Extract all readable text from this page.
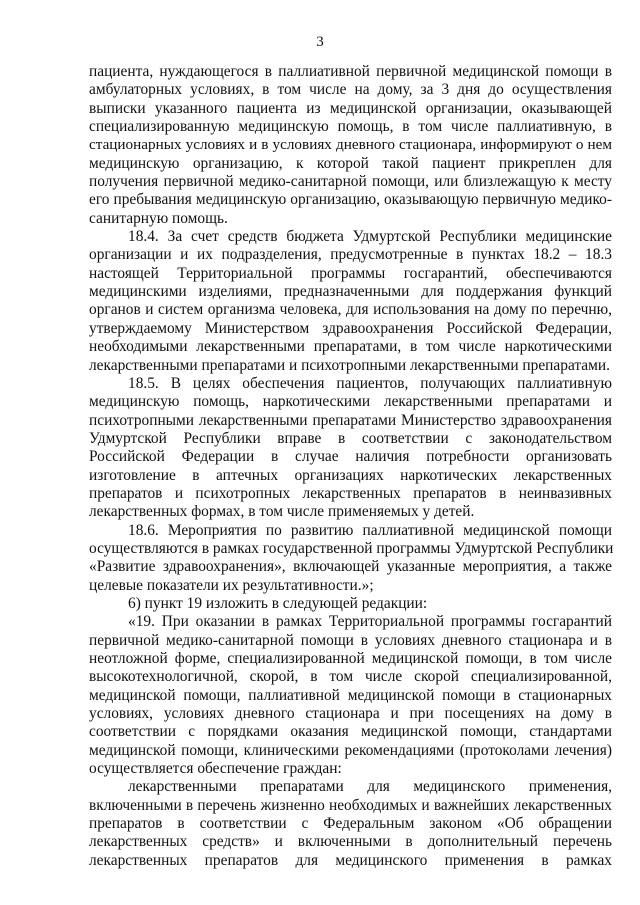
3
пациента, нуждающегося в паллиативной первичной медицинской помощи в
амбулаторных условиях, в том числе на дому, за 3 дня до осуществления
выписки указанного пациента из медицинской организации, оказывающей
специализированную медицинскую помощь, в том числе паллиативную, в
стационарных условиях и в условиях дневного стационара, информируют о нем
медицинскую организацию, к которой такой пациент прикреплен для
получения первичной медико-санитарной помощи, или близлежащую к месту
его пребывания медицинскую организацию, оказывающую первичную медико-
санитарную помощь.
18.4. За счет средств бюджета Удмуртской Республики медицинские
организации и их подразделения, предусмотренные в пунктах 18.2 – 18.3
настоящей Территориальной программы госгарантий, обеспечиваются
медицинскими изделиями, предназначенными для поддержания функций
органов и систем организма человека, для использования на дому по перечню,
утверждаемому Министерством здравоохранения Российской Федерации,
необходимыми лекарственными препаратами, в том числе наркотическими
лекарственными препаратами и психотропными лекарственными препаратами.
18.5. В целях обеспечения пациентов, получающих паллиативную
медицинскую помощь, наркотическими лекарственными препаратами и
психотропными лекарственными препаратами Министерство здравоохранения
Удмуртской Республики вправе в соответствии с законодательством
Российской Федерации в случае наличия потребности организовать
изготовление в аптечных организациях наркотических лекарственных
препаратов и психотропных лекарственных препаратов в неинвазивных
лекарственных формах, в том числе применяемых у детей.
18.6. Мероприятия по развитию паллиативной медицинской помощи
осуществляются в рамках государственной программы Удмуртской Республики
«Развитие здравоохранения», включающей указанные мероприятия, а также
целевые показатели их результативности.»;
6) пункт 19 изложить в следующей редакции:
«19. При оказании в рамках Территориальной программы госгарантий
первичной медико-санитарной помощи в условиях дневного стационара и в
неотложной форме, специализированной медицинской помощи, в том числе
высокотехнологичной, скорой, в том числе скорой специализированной,
медицинской помощи, паллиативной медицинской помощи в стационарных
условиях, условиях дневного стационара и при посещениях на дому в
соответствии с порядками оказания медицинской помощи, стандартами
медицинской помощи, клиническими рекомендациями (протоколами лечения)
осуществляется обеспечение граждан:
лекарственными препаратами для медицинского применения,
включенными в перечень жизненно необходимых и важнейших лекарственных
препаратов в соответствии с Федеральным законом «Об обращении
лекарственных средств» и включенными в дополнительный перечень
лекарственных препаратов для медицинского применения в рамках
